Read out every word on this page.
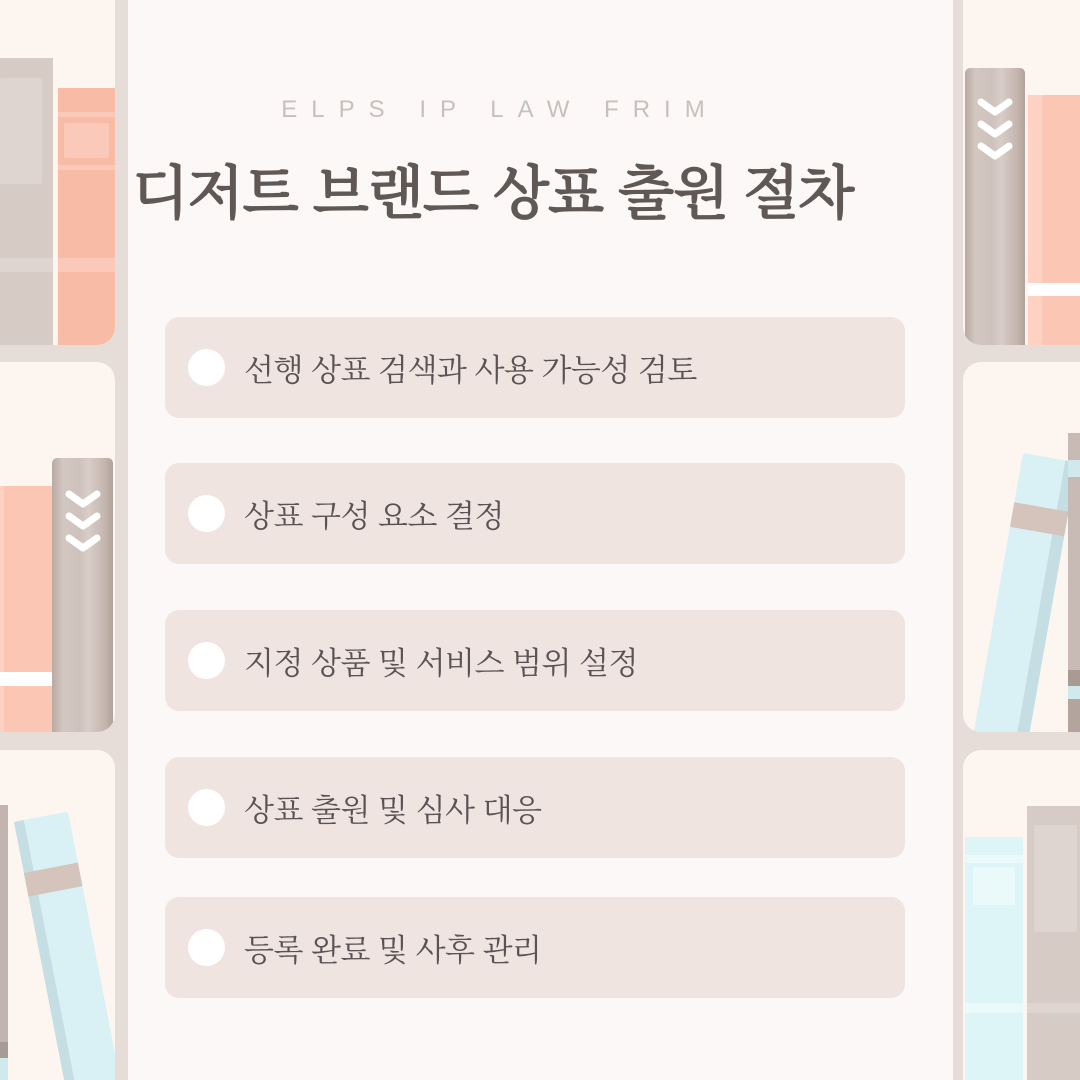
ELPS IP LAW FRIM
디저트 브랜드 상표 출원 절차
선행 상표 검색과 사용 가능성 검토
상표 구성 요소 결정
지정 상품 및 서비스 범위 설정
상표 출원 및 심사 대응
등록 완료 및 사후 관리
